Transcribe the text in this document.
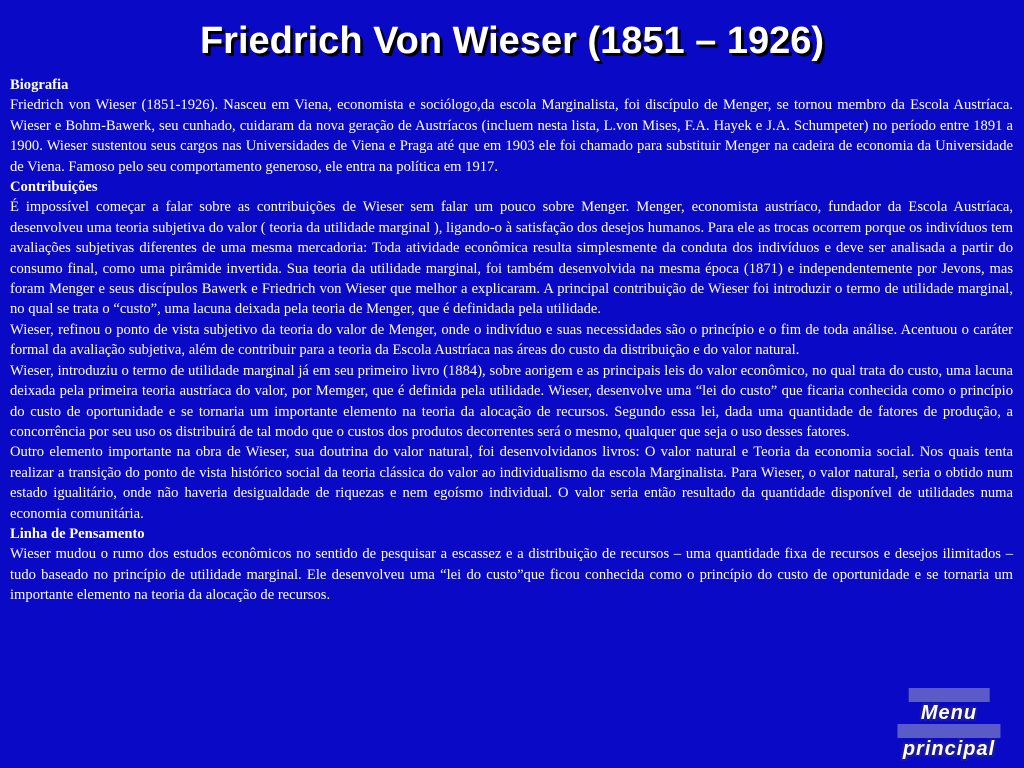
Friedrich Von Wieser (1851 – 1926)

Biografia

Friedrich von Wieser (1851-1926). Nasceu em Viena, economista e sociólogo,da escola Marginalista, foi discípulo de Menger, se tornou membro da Escola Austríaca. Wieser e Bohm-Bawerk, seu cunhado, cuidaram da nova geração de Austríacos (incluem nesta lista, L.von Mises, F.A. Hayek e J.A. Schumpeter) no período entre 1891 a 1900. Wieser sustentou seus cargos nas Universidades de Viena e Praga até que em 1903 ele foi chamado para substituir Menger na cadeira de economia da Universidade de Viena. Famoso pelo seu comportamento generoso, ele entra na política em 1917.

Contribuições

É impossível começar a falar sobre as contribuições de Wieser sem falar um pouco sobre Menger. Menger, economista austríaco, fundador da Escola Austríaca, desenvolveu uma teoria subjetiva do valor ( teoria da utilidade marginal ), ligando-o à satisfação dos desejos humanos. Para ele as trocas ocorrem porque os indivíduos tem avaliações subjetivas diferentes de uma mesma mercadoria: Toda atividade econômica resulta simplesmente da conduta dos indivíduos e deve ser analisada a partir do consumo final, como uma pirâmide invertida. Sua teoria da utilidade marginal, foi também desenvolvida na mesma época (1871) e independentemente por Jevons, mas foram Menger e seus discípulos Bawerk e Friedrich von Wieser que melhor a explicaram. A principal contribuição de Wieser foi introduzir o termo de utilidade marginal, no qual se trata o “custo”, uma lacuna deixada pela teoria de Menger, que é definidada pela utilidade.

Wieser, refinou o ponto de vista subjetivo da teoria do valor de Menger, onde o indivíduo e suas necessidades são o princípio e o fim de toda análise. Acentuou o caráter formal da avaliação subjetiva, além de contribuir para a teoria da Escola Austríaca nas áreas do custo da distribuição e do valor natural.

Wieser, introduziu o termo de utilidade marginal já em seu primeiro livro (1884), sobre aorigem e as principais leis do valor econômico, no qual trata do custo, uma lacuna deixada pela primeira teoria austríaca do valor, por Memger, que é definida pela utilidade. Wieser, desenvolve uma “lei do custo” que ficaria conhecida como o princípio do custo de oportunidade e se tornaria um importante elemento na teoria da alocação de recursos. Segundo essa lei, dada uma quantidade de fatores de produção, a concorrência por seu uso os distribuirá de tal modo que o custos dos produtos decorrentes será o mesmo, qualquer que seja o uso desses fatores.

Outro elemento importante na obra de Wieser, sua doutrina do valor natural, foi desenvolvidanos livros: O valor natural e Teoria da economia social. Nos quais tenta realizar a transição do ponto de vista histórico social da teoria clássica do valor ao individualismo da escola Marginalista. Para Wieser, o valor natural, seria o obtido num estado igualitário, onde não haveria desigualdade de riquezas e nem egoísmo individual. O valor seria então resultado da quantidade disponível de utilidades numa economia comunitária.

Linha de Pensamento

Wieser mudou o rumo dos estudos econômicos no sentido de pesquisar a escassez e a distribuição de recursos – uma quantidade fixa de recursos e desejos ilimitados – tudo baseado no princípio de utilidade marginal. Ele desenvolveu uma “lei do custo”que ficou conhecida como o princípio do custo de oportunidade e se tornaria um importante elemento na teoria da alocação de recursos.

Menu
principal
